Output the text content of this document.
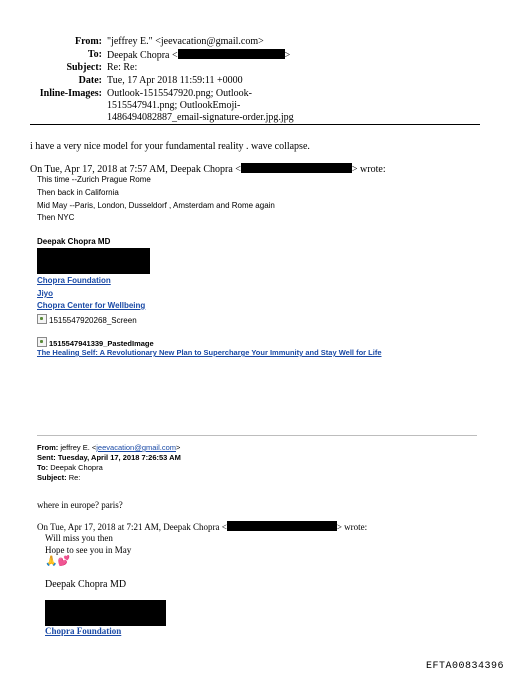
From: "jeffrey E." <jeevacation@gmail.com>
To: Deepak Chopra <	>
Subject: Re: Re:
Date: Tue, 17 Apr 2018 11:59:11 +0000
Inline-Images: Outlook-1515547920.png; Outlook-1515547941.png; OutlookEmoji-1486494082887_email-signature-order.jpg.jpg
i have a very nice model for your fundamental reality . wave collapse.
On Tue, Apr 17, 2018 at 7:57 AM, Deepak Chopra <	> wrote:
This time --Zurich Prague Rome
Then back in California
Mid May --Paris, London, Dusseldorf , Amsterdam and Rome again
Then NYC
Deepak Chopra MD
Chopra Foundation
Jiyo
Chopra Center for Wellbeing
1515547920268_Screen
1515547941339_PastedImage
The Healing Self: A Revolutionary New Plan to Supercharge Your Immunity and Stay Well for Life
From: jeffrey E. <jeevacation@gmail.com>
Sent: Tuesday, April 17, 2018 7:26:53 AM
To: Deepak Chopra
Subject: Re:
where in europe? paris?
On Tue, Apr 17, 2018 at 7:21 AM, Deepak Chopra <	> wrote:
Will miss you then
Hope to see you in May
🙏💕
Deepak Chopra MD
Chopra Foundation
EFTA00834396
